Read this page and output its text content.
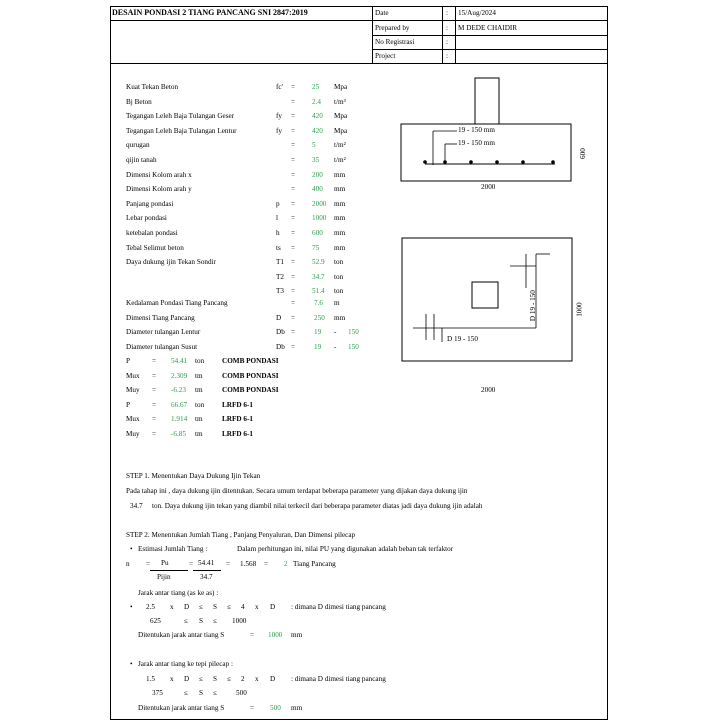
DESAIN PONDASI 2 TIANG PANCANG SNI 2847:2019	Date	: 15/Aug/2024
Prepared by	: M DEDE CHAIDIR
No Registrasi	:
Project	:
Kuat Tekan Beton	fc' = 25 Mpa
Bj Beton	= 2.4 t/m³
Tegangan Leleh Baja Tulangan Geser	fy = 420 Mpa
Tegangan Leleh Baja Tulangan Lentur	fy = 420 Mpa
qurugan	= 5	t/m²
qijin tanah	= 35 t/m²
Dimensi Kolom arah x	= 200 mm
Dimensi Kolom arah y	= 400 mm
Panjang pondasi	p = 2000 mm
Lebar pondasi	l = 1000 mm
ketebalan pondasi	h = 600 mm
Tebal Selimut beton	ts = 75 mm
Daya dukung ijin Tekan Sondir	T1 = 52.9 ton
T2 = 34.7 ton
T3 = 51.4 ton
Kedalaman Pondasi Tiang Pancang	=	7.6 m
Dimensi Tiang Pancang	D =	250 mm
Diameter tulangan Lentur	Db =	19 - 150
Diameter tulangan Susut	Db =	19 - 150
P	= 54.41 ton COMB PONDASI
Mux = 2.309 tm	COMB PONDASI
Muy = -6.23 tm	COMB PONDASI
P	= 66.67 ton LRFD 6-1
Mux = 1.914 tm	LRFD 6-1
Muy = -6.85 tm	LRFD 6-1
19 - 150 mm
19 - 150 mm
600
2000
D 19 - 150
D 19 - 150	1000
2000
STEP 1. Menentukan Daya Dukung Ijin Tekan
Pada tahap ini , daya dukung ijin ditentukan. Secara umum terdapat beberapa parameter yang dijakan daya dukung ijin
34.7 ton. Daya dukung ijin tekan yang diambil nilai terkecil dari beberapa parameter diatas jadi daya dukung ijin adalah
STEP 2. Menentukan Jumlah Tiang , Panjang Penyaluran, Dan Dimensi pilecap
• Estimasi Jumlah Tiang :	Dalam perhitungan ini, nilai PU yang digunakan adalah beban tak terfaktor
n = Pu
Pijin
= 54.41
34.7
= 1.568 = 2 Tiang Pancang
Jarak antar tiang (as ke as) :
• 2.5 x D ≤ S ≤ 4 x D : dimana D dimesi tiang pancang
625	≤ S ≤ 1000
Ditentukan jarak antar tiang S	= 1000 mm
• Jarak antar tiang ke tepi pilecap :
1.5 x D ≤ S ≤ 2 x D : dimana D dimesi tiang pancang
375	≤ S ≤	500
Ditentukan jarak antar tiang S	= 500 mm
